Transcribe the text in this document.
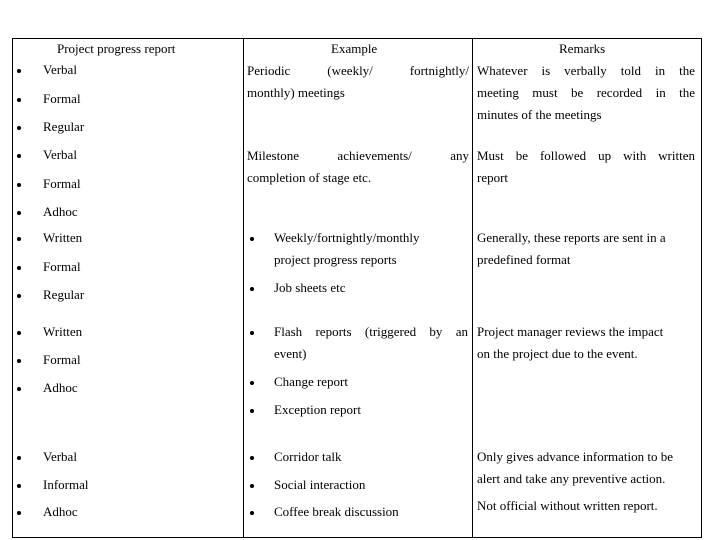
Project progress report	Example	Remarks
Verbal
Formal
Regular
Periodic (weekly/ fortnightly/
monthly) meetings
Whatever is verbally told in the
meeting must be recorded in the
minutes of the meetings
Verbal
Formal
Adhoc
Milestone achievements/ any
completion of stage etc.
Must be followed up with written
report
Written
Formal
Regular
Weekly/fortnightly/monthly
project progress reports
Job sheets etc
Generally, these reports are sent in a
predefined format
Written
Formal
Adhoc
Flash reports (triggered by an
event)
Change report
Exception report
Project manager reviews the impact
on the project due to the event.
Verbal
Informal
Adhoc
Corridor talk
Social interaction
Coffee break discussion
Only gives advance information to be
alert and take any preventive action.
Not official without written report.
